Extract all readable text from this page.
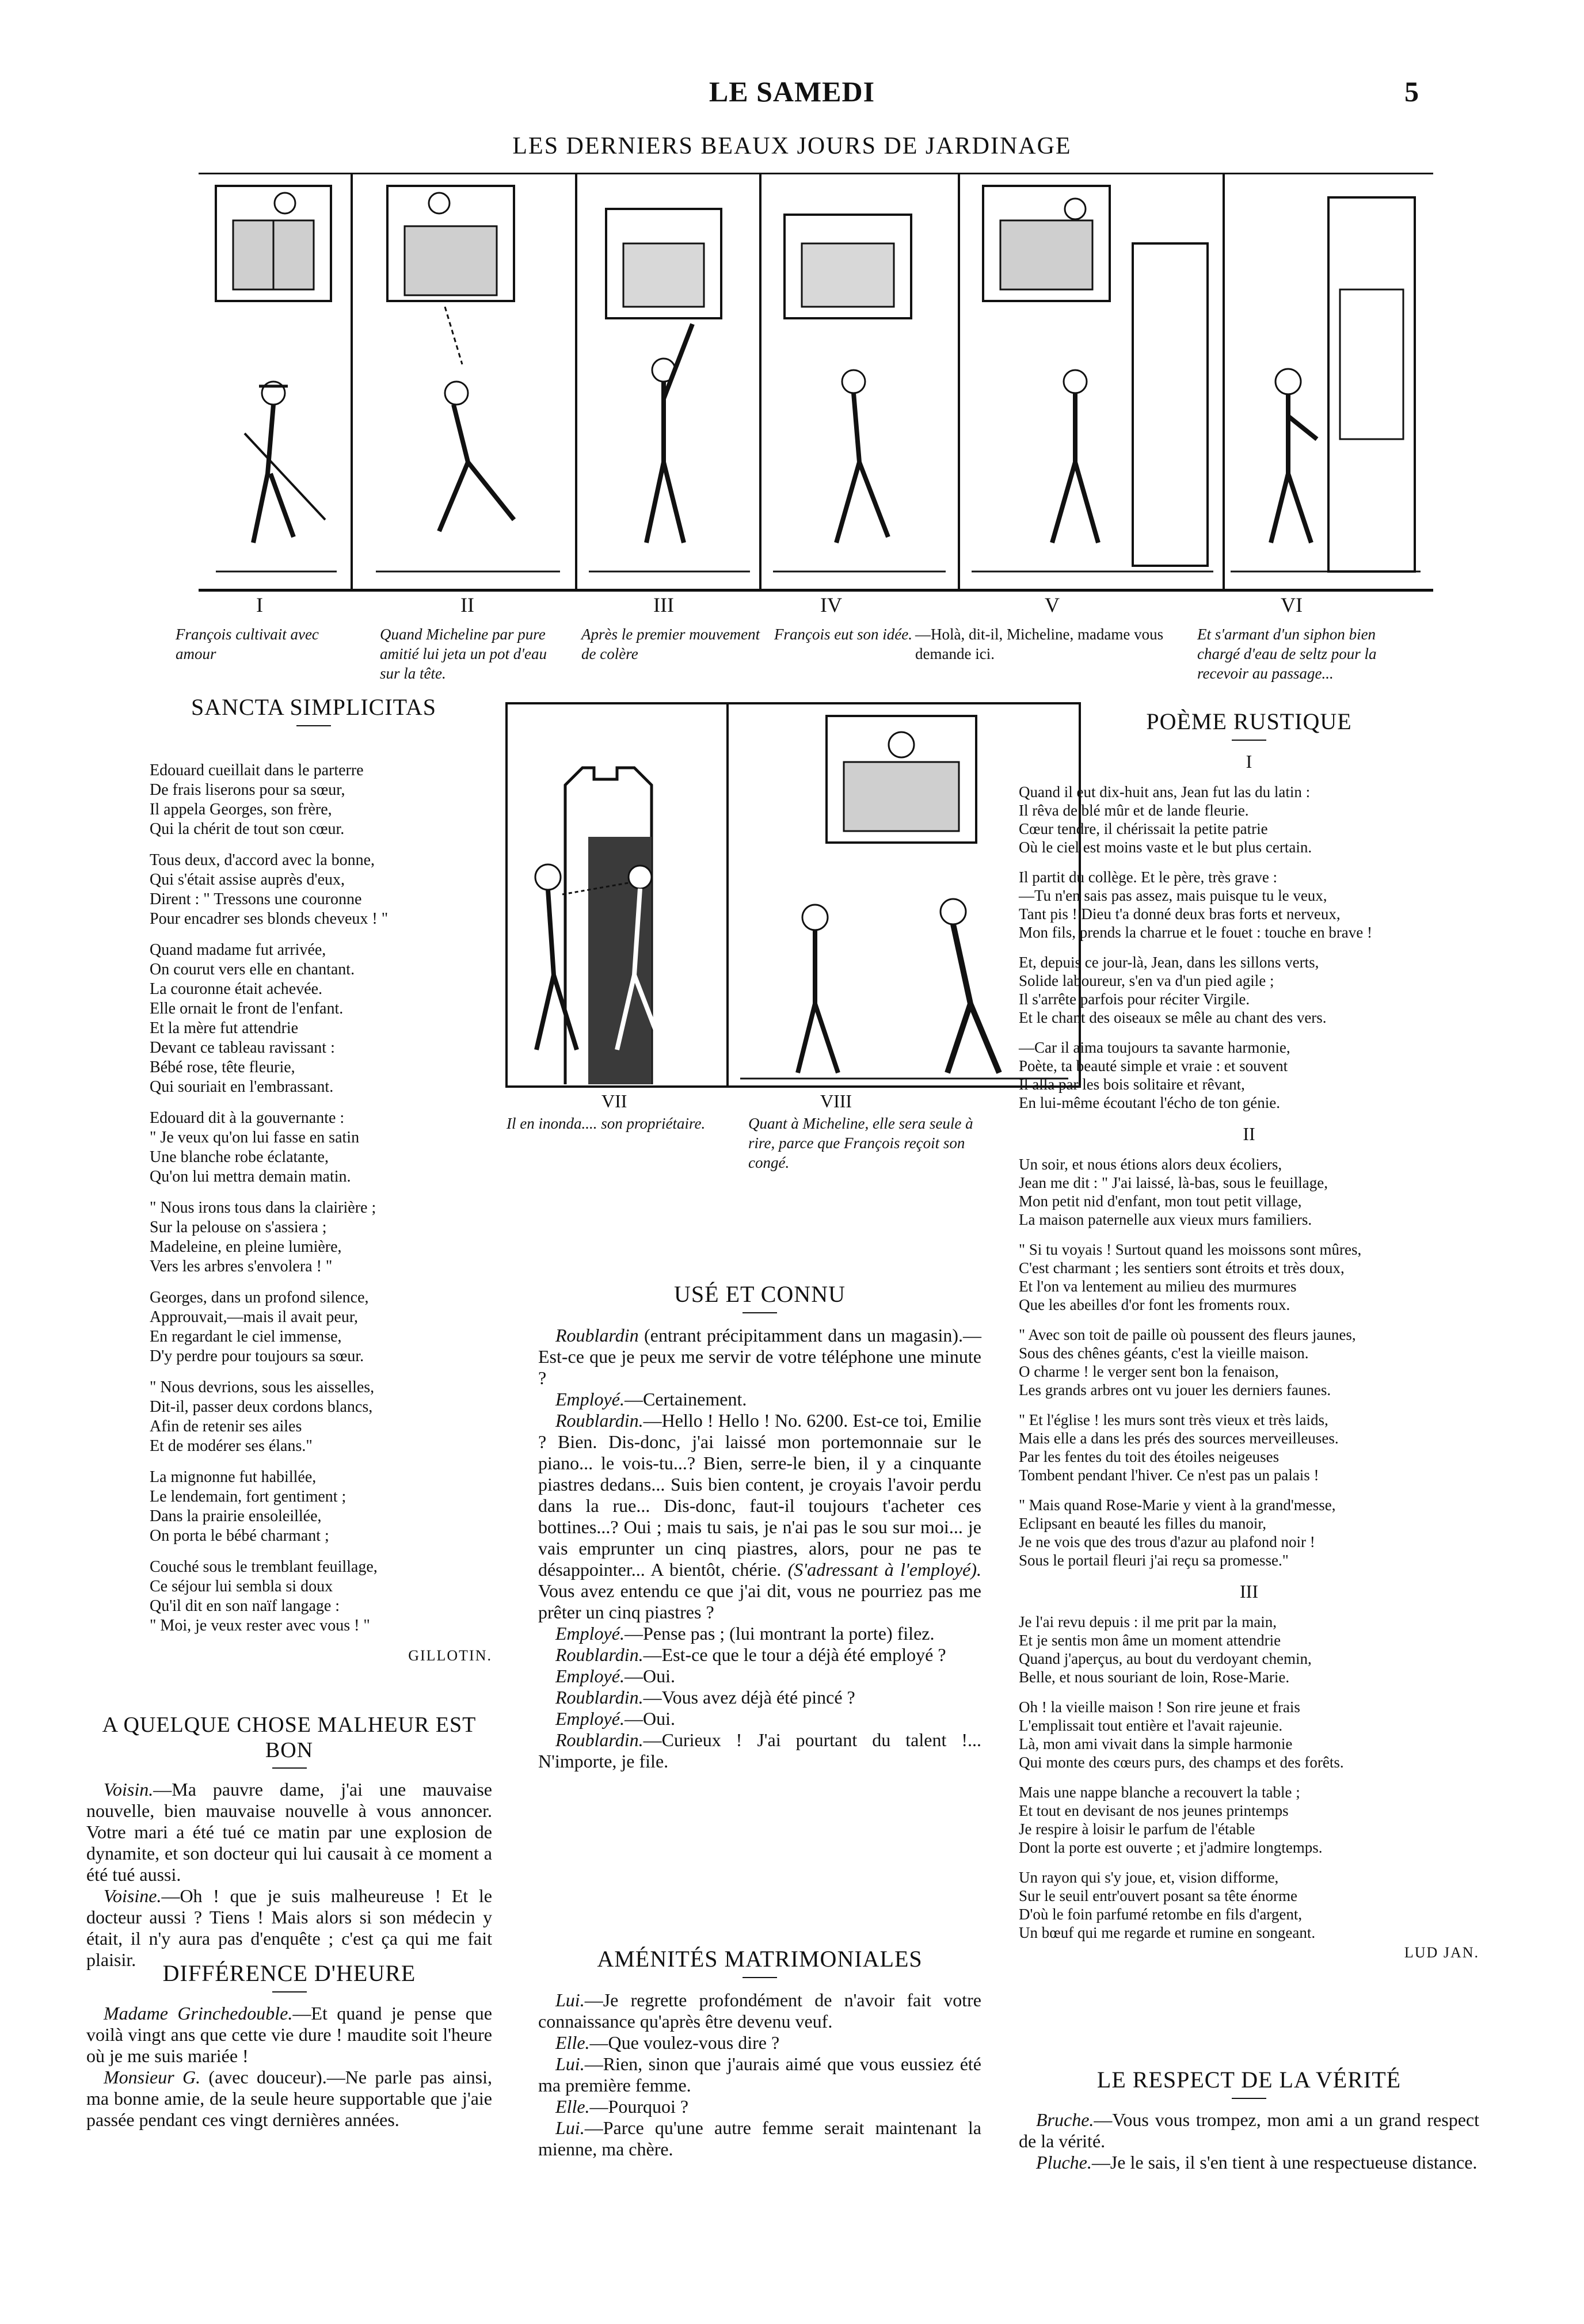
LE SAMEDI	5
LES DERNIERS BEAUX JOURS DE JARDINAGE
I	II	III	IV	V	VI
François cultivait avec amour
Quand Micheline par pure amitié lui jeta un pot d'eau sur la tête.
Après le premier mouvement de colère
François eut son idée. —Holà, dit-il, Micheline, madame vous demande ici.
Et s'armant d'un siphon bien chargé d'eau de seltz pour la recevoir au passage...
SANCTA SIMPLICITAS
Edouard cueillait dans le parterre
De frais liserons pour sa sœur,
Il appela Georges, son frère,
Qui la chérit de tout son cœur.
Tous deux, d'accord avec la bonne,
Qui s'était assise auprès d'eux,
Dirent : " Tressons une couronne
Pour encadrer ses blonds cheveux ! "
Quand madame fut arrivée,
On courut vers elle en chantant.
La couronne était achevée.
Elle ornait le front de l'enfant.
Et la mère fut attendrie
Devant ce tableau ravissant :
Bébé rose, tête fleurie,
Qui souriait en l'embrassant.
Edouard dit à la gouvernante :
" Je veux qu'on lui fasse en satin
Une blanche robe éclatante,
Qu'on lui mettra demain matin.
" Nous irons tous dans la clairière ;
Sur la pelouse on s'assiera ;
Madeleine, en pleine lumière,
Vers les arbres s'envolera ! "
Georges, dans un profond silence,
Approuvait,—mais il avait peur,
En regardant le ciel immense,
D'y perdre pour toujours sa sœur.
" Nous devrions, sous les aisselles,
Dit-il, passer deux cordons blancs,
Afin de retenir ses ailes
Et de modérer ses élans."
La mignonne fut habillée,
Le lendemain, fort gentiment ;
Dans la prairie ensoleillée,
On porta le bébé charmant ;
Couché sous le tremblant feuillage,
Ce séjour lui sembla si doux
Qu'il dit en son naïf langage :
" Moi, je veux rester avec vous ! "
GILLOTIN.
A QUELQUE CHOSE MALHEUR EST BON

Voisin.—Ma pauvre dame, j'ai une mauvaise nouvelle, bien mauvaise nouvelle à vous annoncer. Votre mari a été tué ce matin par une explosion de dynamite, et son docteur qui lui causait à ce moment a été tué aussi.

Voisine.—Oh ! que je suis malheureuse ! Et le docteur aussi ? Tiens ! Mais alors si son médecin y était, il n'y aura pas d'enquête ; c'est ça qui me fait plaisir.

DIFFÉRENCE D'HEURE

Madame Grinchedouble.—Et quand je pense que voilà vingt ans que cette vie dure ! maudite soit l'heure où je me suis mariée !

Monsieur G. (avec douceur).—Ne parle pas ainsi, ma bonne amie, de la seule heure supportable que j'aie passée pendant ces vingt dernières années.

VII	VIII
Il en inonda.... son propriétaire.	Quant à Micheline, elle sera seule à rire, parce que François reçoit son congé.
USÉ ET CONNU

Roublardin (entrant précipitamment dans un magasin).—Est-ce que je peux me servir de votre téléphone une minute ?

Employé.—Certainement.

Roublardin.—Hello ! Hello ! No. 6200. Est-ce toi, Emilie ? Bien. Dis-donc, j'ai laissé mon portemonnaie sur le piano... le vois-tu...? Bien, serre-le bien, il y a cinquante piastres dedans... Suis bien content, je croyais l'avoir perdu dans la rue... Dis-donc, faut-il toujours t'acheter ces bottines...? Oui ; mais tu sais, je n'ai pas le sou sur moi... je vais emprunter un cinq piastres, alors, pour ne pas te désappointer... A bientôt, chérie. (S'adressant à l'employé). Vous avez entendu ce que j'ai dit, vous ne pourriez pas me prêter un cinq piastres ?

Employé.—Pense pas ; (lui montrant la porte) filez.

Roublardin.—Est-ce que le tour a déjà été employé ?

Employé.—Oui.

Roublardin.—Vous avez déjà été pincé ?

Employé.—Oui.

Roublardin.—Curieux ! J'ai pourtant du talent !... N'importe, je file.

AMÉNITÉS MATRIMONIALES

Lui.—Je regrette profondément de n'avoir fait votre connaissance qu'après être devenu veuf.

Elle.—Que voulez-vous dire ?

Lui.—Rien, sinon que j'aurais aimé que vous eussiez été ma première femme.

Elle.—Pourquoi ?

Lui.—Parce qu'une autre femme serait maintenant la mienne, ma chère.

POÈME RUSTIQUE
I
Quand il eut dix-huit ans, Jean fut las du latin :
Il rêva de blé mûr et de lande fleurie.
Cœur tendre, il chérissait la petite patrie
Où le ciel est moins vaste et le but plus certain.
Il partit du collège. Et le père, très grave :
—Tu n'en sais pas assez, mais puisque tu le veux,
Tant pis ! Dieu t'a donné deux bras forts et nerveux,
Mon fils, prends la charrue et le fouet : touche en brave !
Et, depuis ce jour-là, Jean, dans les sillons verts,
Solide laboureur, s'en va d'un pied agile ;
Il s'arrête parfois pour réciter Virgile.
Et le chant des oiseaux se mêle au chant des vers.
—Car il aima toujours ta savante harmonie,
Poète, ta beauté simple et vraie : et souvent
Il alla par les bois solitaire et rêvant,
En lui-même écoutant l'écho de ton génie.
II
Un soir, et nous étions alors deux écoliers,
Jean me dit : " J'ai laissé, là-bas, sous le feuillage,
Mon petit nid d'enfant, mon tout petit village,
La maison paternelle aux vieux murs familiers.
" Si tu voyais ! Surtout quand les moissons sont mûres,
C'est charmant ; les sentiers sont étroits et très doux,
Et l'on va lentement au milieu des murmures
Que les abeilles d'or font les froments roux.
" Avec son toit de paille où poussent des fleurs jaunes,
Sous des chênes géants, c'est la vieille maison.
O charme ! le verger sent bon la fenaison,
Les grands arbres ont vu jouer les derniers faunes.
" Et l'église ! les murs sont très vieux et très laids,
Mais elle a dans les prés des sources merveilleuses.
Par les fentes du toit des étoiles neigeuses
Tombent pendant l'hiver. Ce n'est pas un palais !
" Mais quand Rose-Marie y vient à la grand'messe,
Eclipsant en beauté les filles du manoir,
Je ne vois que des trous d'azur au plafond noir !
Sous le portail fleuri j'ai reçu sa promesse."
III
Je l'ai revu depuis : il me prit par la main,
Et je sentis mon âme un moment attendrie
Quand j'aperçus, au bout du verdoyant chemin,
Belle, et nous souriant de loin, Rose-Marie.
Oh ! la vieille maison ! Son rire jeune et frais
L'emplissait tout entière et l'avait rajeunie.
Là, mon ami vivait dans la simple harmonie
Qui monte des cœurs purs, des champs et des forêts.
Mais une nappe blanche a recouvert la table ;
Et tout en devisant de nos jeunes printemps
Je respire à loisir le parfum de l'étable
Dont la porte est ouverte ; et j'admire longtemps.
Un rayon qui s'y joue, et, vision difforme,
Sur le seuil entr'ouvert posant sa tête énorme
D'où le foin parfumé retombe en fils d'argent,
Un bœuf qui me regarde et rumine en songeant.
LUD JAN.
LE RESPECT DE LA VÉRITÉ

Bruche.—Vous vous trompez, mon ami a un grand respect de la vérité.

Pluche.—Je le sais, il s'en tient à une respectueuse distance.
